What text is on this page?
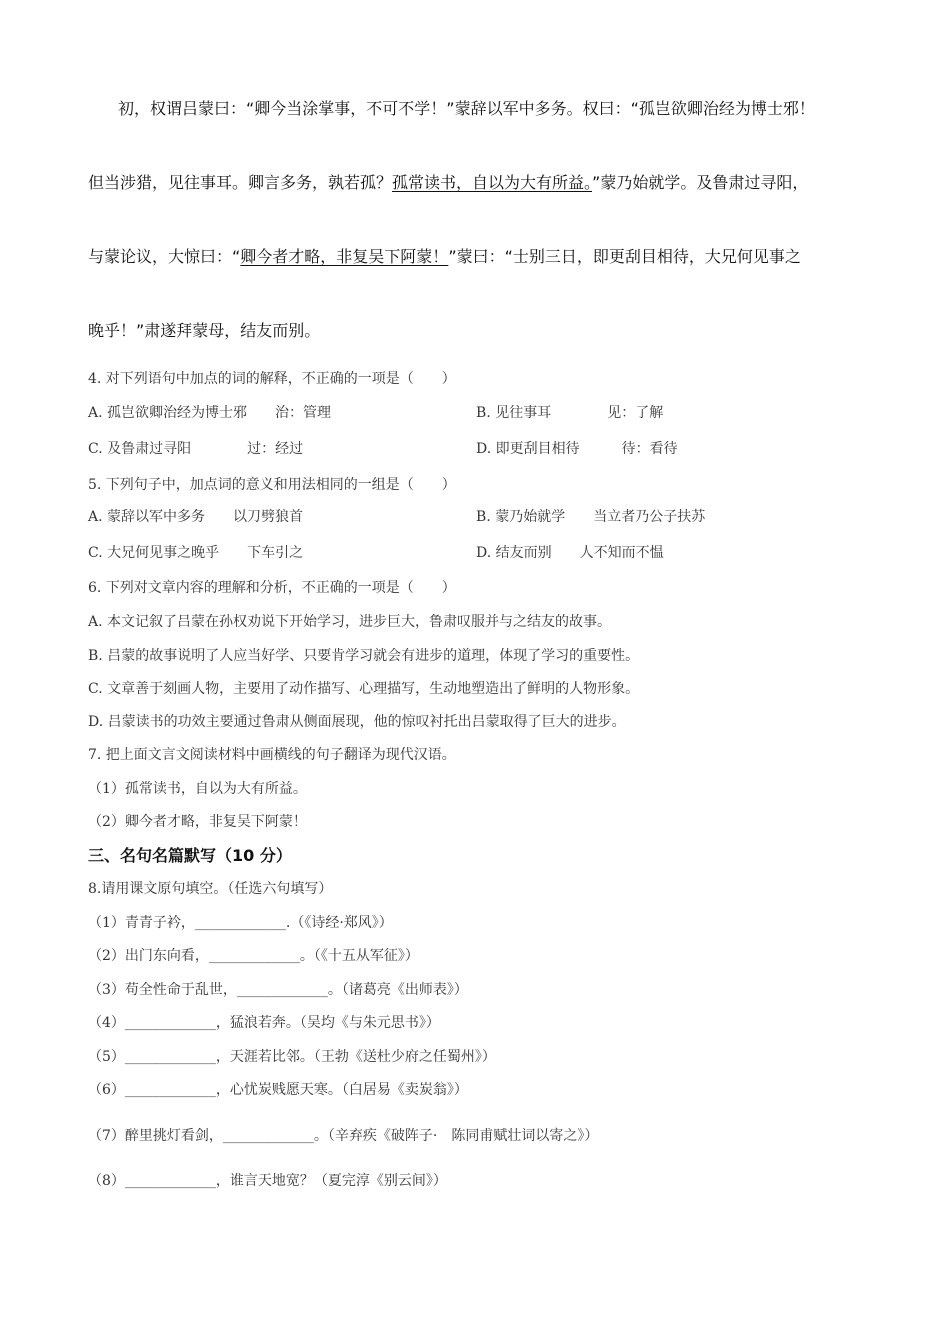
初，权谓吕蒙曰：“卿今当涂掌事，不可不学！”蒙辞以军中多务。权曰：“孤岂欲卿治经为博士邪！
但当涉猎，见往事耳。卿言多务，孰若孤？孤常读书，自以为大有所益。”蒙乃始就学。及鲁肃过寻阳，
与蒙论议，大惊曰：“卿今者才略，非复吴下阿蒙！”蒙曰：“士别三日，即更刮目相待，大兄何见事之
晚乎！”肃遂拜蒙母，结友而别。
4. 对下列语句中加点的词的解释，不正确的一项是（　　）
A. 孤岂欲卿治经为博士邪　　治：管理	B. 见往事耳　　　　见：了解
C. 及鲁肃过寻阳　　　　过：经过	D. 即更刮目相待　　　待：看待
5. 下列句子中，加点词的意义和用法相同的一组是（　　）
A. 蒙辞以军中多务　　以刀劈狼首	B. 蒙乃始就学　　当立者乃公子扶苏
C. 大兄何见事之晚乎　　下车引之	D. 结友而别　　人不知而不愠
6. 下列对文章内容的理解和分析，不正确的一项是（　　）
A. 本文记叙了吕蒙在孙权劝说下开始学习，进步巨大，鲁肃叹服并与之结友的故事。
B. 吕蒙的故事说明了人应当好学、只要肯学习就会有进步的道理，体现了学习的重要性。
C. 文章善于刻画人物，主要用了动作描写、心理描写，生动地塑造出了鲜明的人物形象。
D. 吕蒙读书的功效主要通过鲁肃从侧面展现，他的惊叹衬托出吕蒙取得了巨大的进步。
7. 把上面文言文阅读材料中画横线的句子翻译为现代汉语。
（1）孤常读书，自以为大有所益。
（2）卿今者才略，非复吴下阿蒙！
三、名句名篇默写（10 分）
8.请用课文原句填空。（任选六句填写）
（1）青青子衿，_____________.（《诗经·郑风》）
（2）出门东向看，_____________。（《十五从军征》）
（3）苟全性命于乱世，_____________。（诸葛亮《出师表》）
（4）_____________，猛浪若奔。（吴均《与朱元思书》）
（5）_____________，天涯若比邻。（王勃《送杜少府之任蜀州》）
（6）_____________，心忧炭贱愿天寒。（白居易《卖炭翁》）
（7）醉里挑灯看剑，_____________。（辛弃疾《破阵子·　陈同甫赋壮词以寄之》）
（8）_____________，谁言天地宽？（夏完淳《别云间》）
